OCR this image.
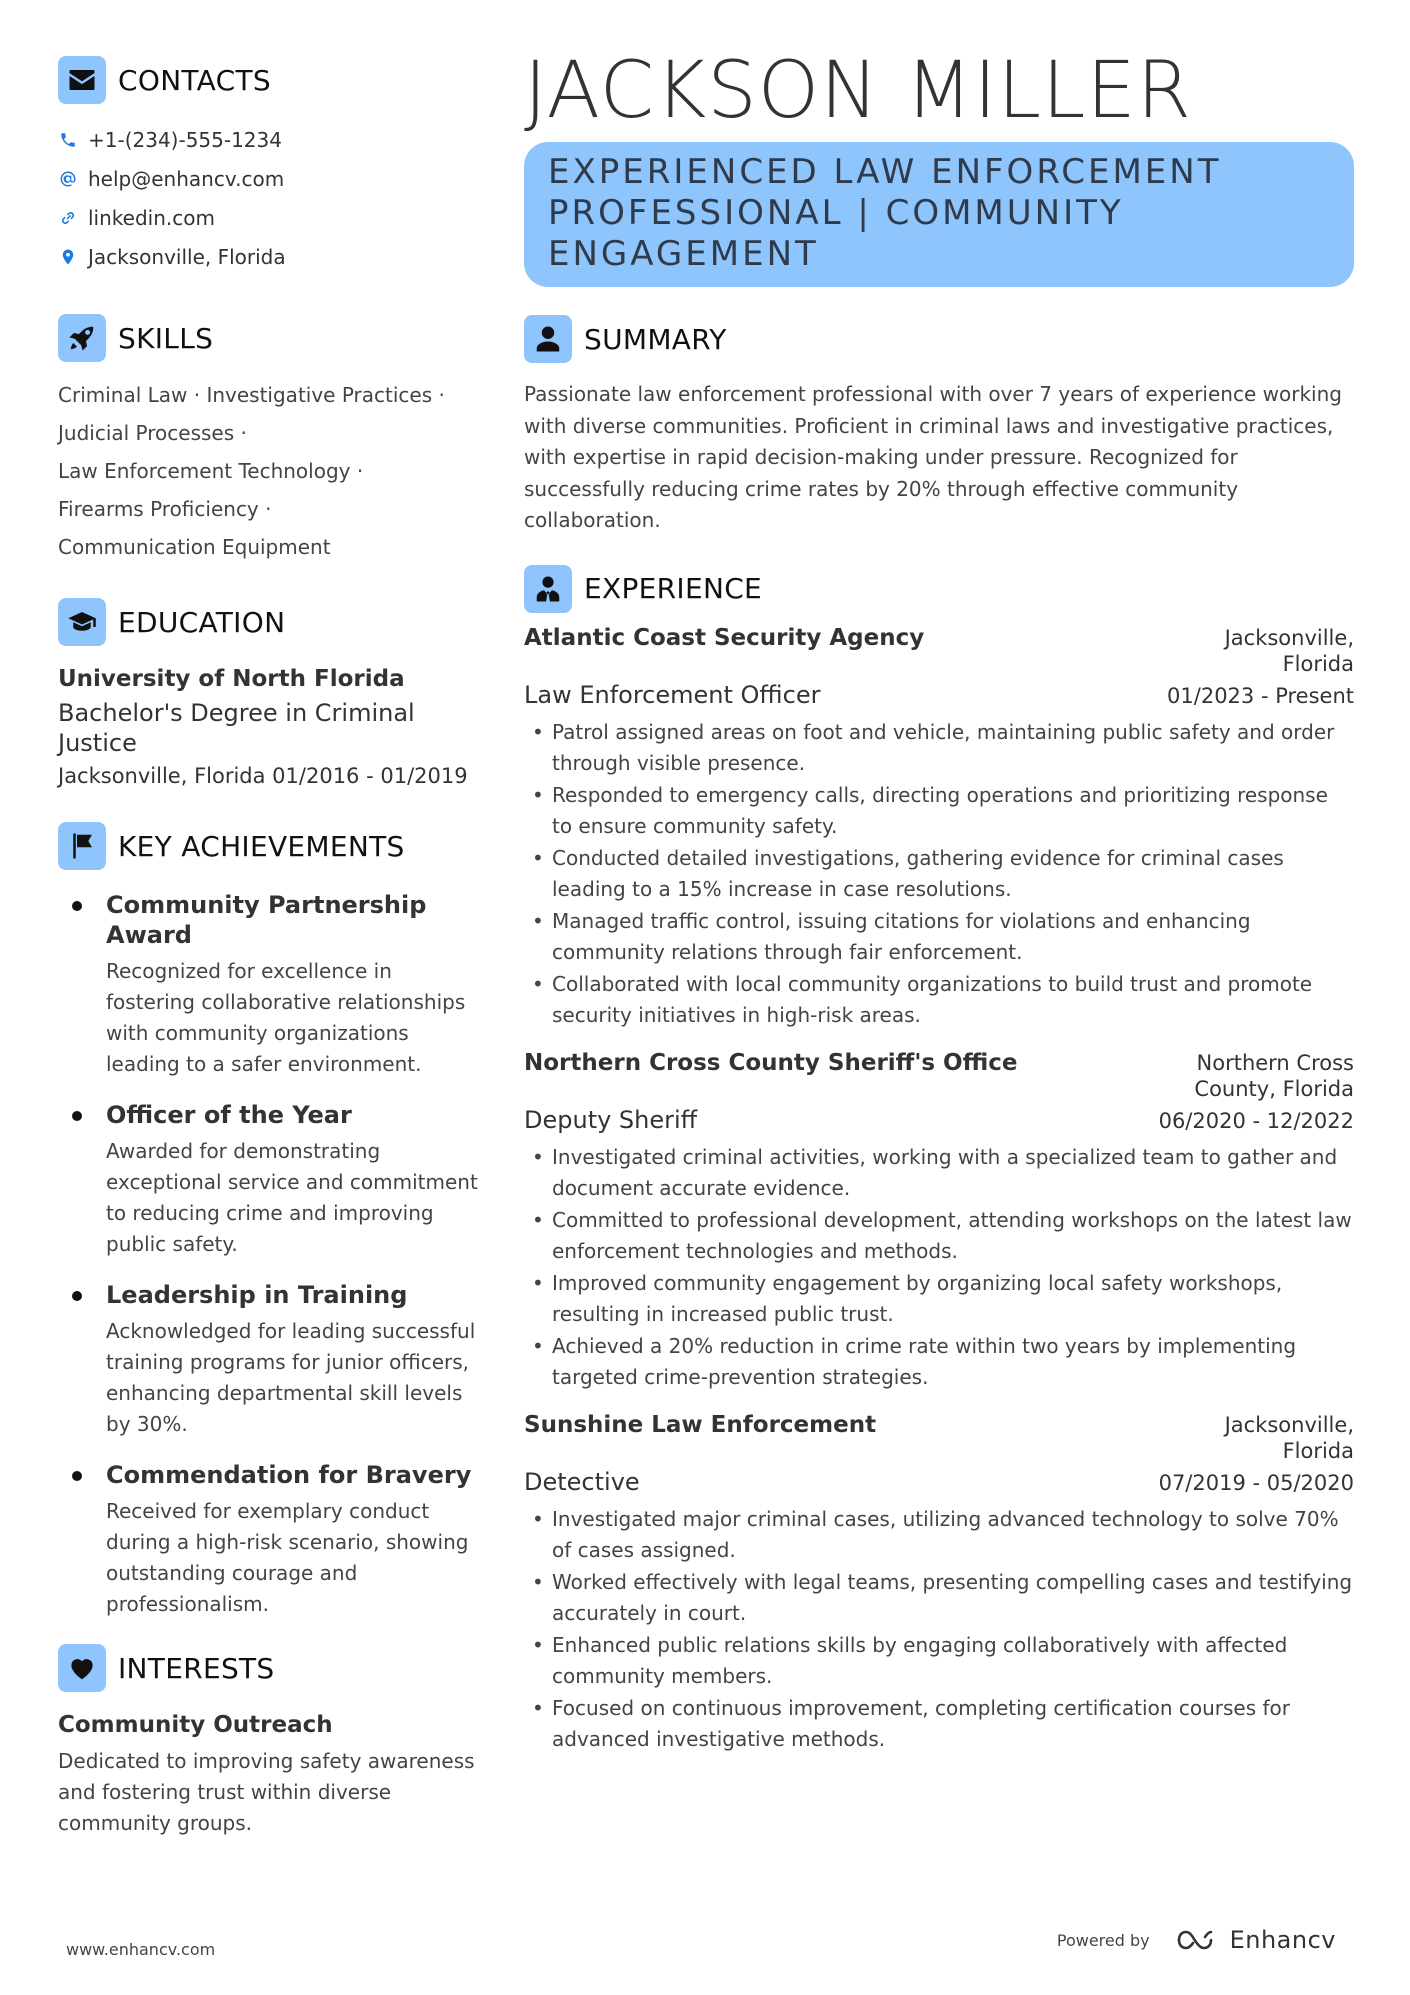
CONTACTS
+1-(234)-555-1234
help@enhancv.com
linkedin.com
Jacksonville, Florida
SKILLS
Criminal Law · Investigative Practices ·
Judicial Processes ·
Law Enforcement Technology ·
Firearms Proficiency ·
Communication Equipment
EDUCATION
University of North Florida
Bachelor's Degree in Criminal Justice
Jacksonville, Florida 01/2016 - 01/2019
KEY ACHIEVEMENTS
Community Partnership Award
Recognized for excellence in fostering collaborative relationships with community organizations leading to a safer environment.
Officer of the Year
Awarded for demonstrating exceptional service and commitment to reducing crime and improving public safety.
Leadership in Training
Acknowledged for leading successful training programs for junior officers, enhancing departmental skill levels by 30%.
Commendation for Bravery
Received for exemplary conduct during a high-risk scenario, showing outstanding courage and professionalism.
INTERESTS
Community Outreach
Dedicated to improving safety awareness and fostering trust within diverse community groups.
JACKSON MILLER
EXPERIENCED LAW ENFORCEMENT PROFESSIONAL | COMMUNITY ENGAGEMENT
SUMMARY
Passionate law enforcement professional with over 7 years of experience working with diverse communities. Proficient in criminal laws and investigative practices, with expertise in rapid decision-making under pressure. Recognized for successfully reducing crime rates by 20% through effective community collaboration.
EXPERIENCE
Atlantic Coast Security Agency	Jacksonville, Florida
Law Enforcement Officer	01/2023 - Present
• Patrol assigned areas on foot and vehicle, maintaining public safety and order through visible presence.
• Responded to emergency calls, directing operations and prioritizing response to ensure community safety.
• Conducted detailed investigations, gathering evidence for criminal cases leading to a 15% increase in case resolutions.
• Managed traffic control, issuing citations for violations and enhancing community relations through fair enforcement.
• Collaborated with local community organizations to build trust and promote security initiatives in high-risk areas.
Northern Cross County Sheriff's Office	Northern Cross County, Florida
Deputy Sheriff	06/2020 - 12/2022
• Investigated criminal activities, working with a specialized team to gather and document accurate evidence.
• Committed to professional development, attending workshops on the latest law enforcement technologies and methods.
• Improved community engagement by organizing local safety workshops, resulting in increased public trust.
• Achieved a 20% reduction in crime rate within two years by implementing targeted crime-prevention strategies.
Sunshine Law Enforcement	Jacksonville, Florida
Detective	07/2019 - 05/2020
• Investigated major criminal cases, utilizing advanced technology to solve 70% of cases assigned.
• Worked effectively with legal teams, presenting compelling cases and testifying accurately in court.
• Enhanced public relations skills by engaging collaboratively with affected community members.
• Focused on continuous improvement, completing certification courses for advanced investigative methods.
www.enhancv.com	Powered by	Enhancv
